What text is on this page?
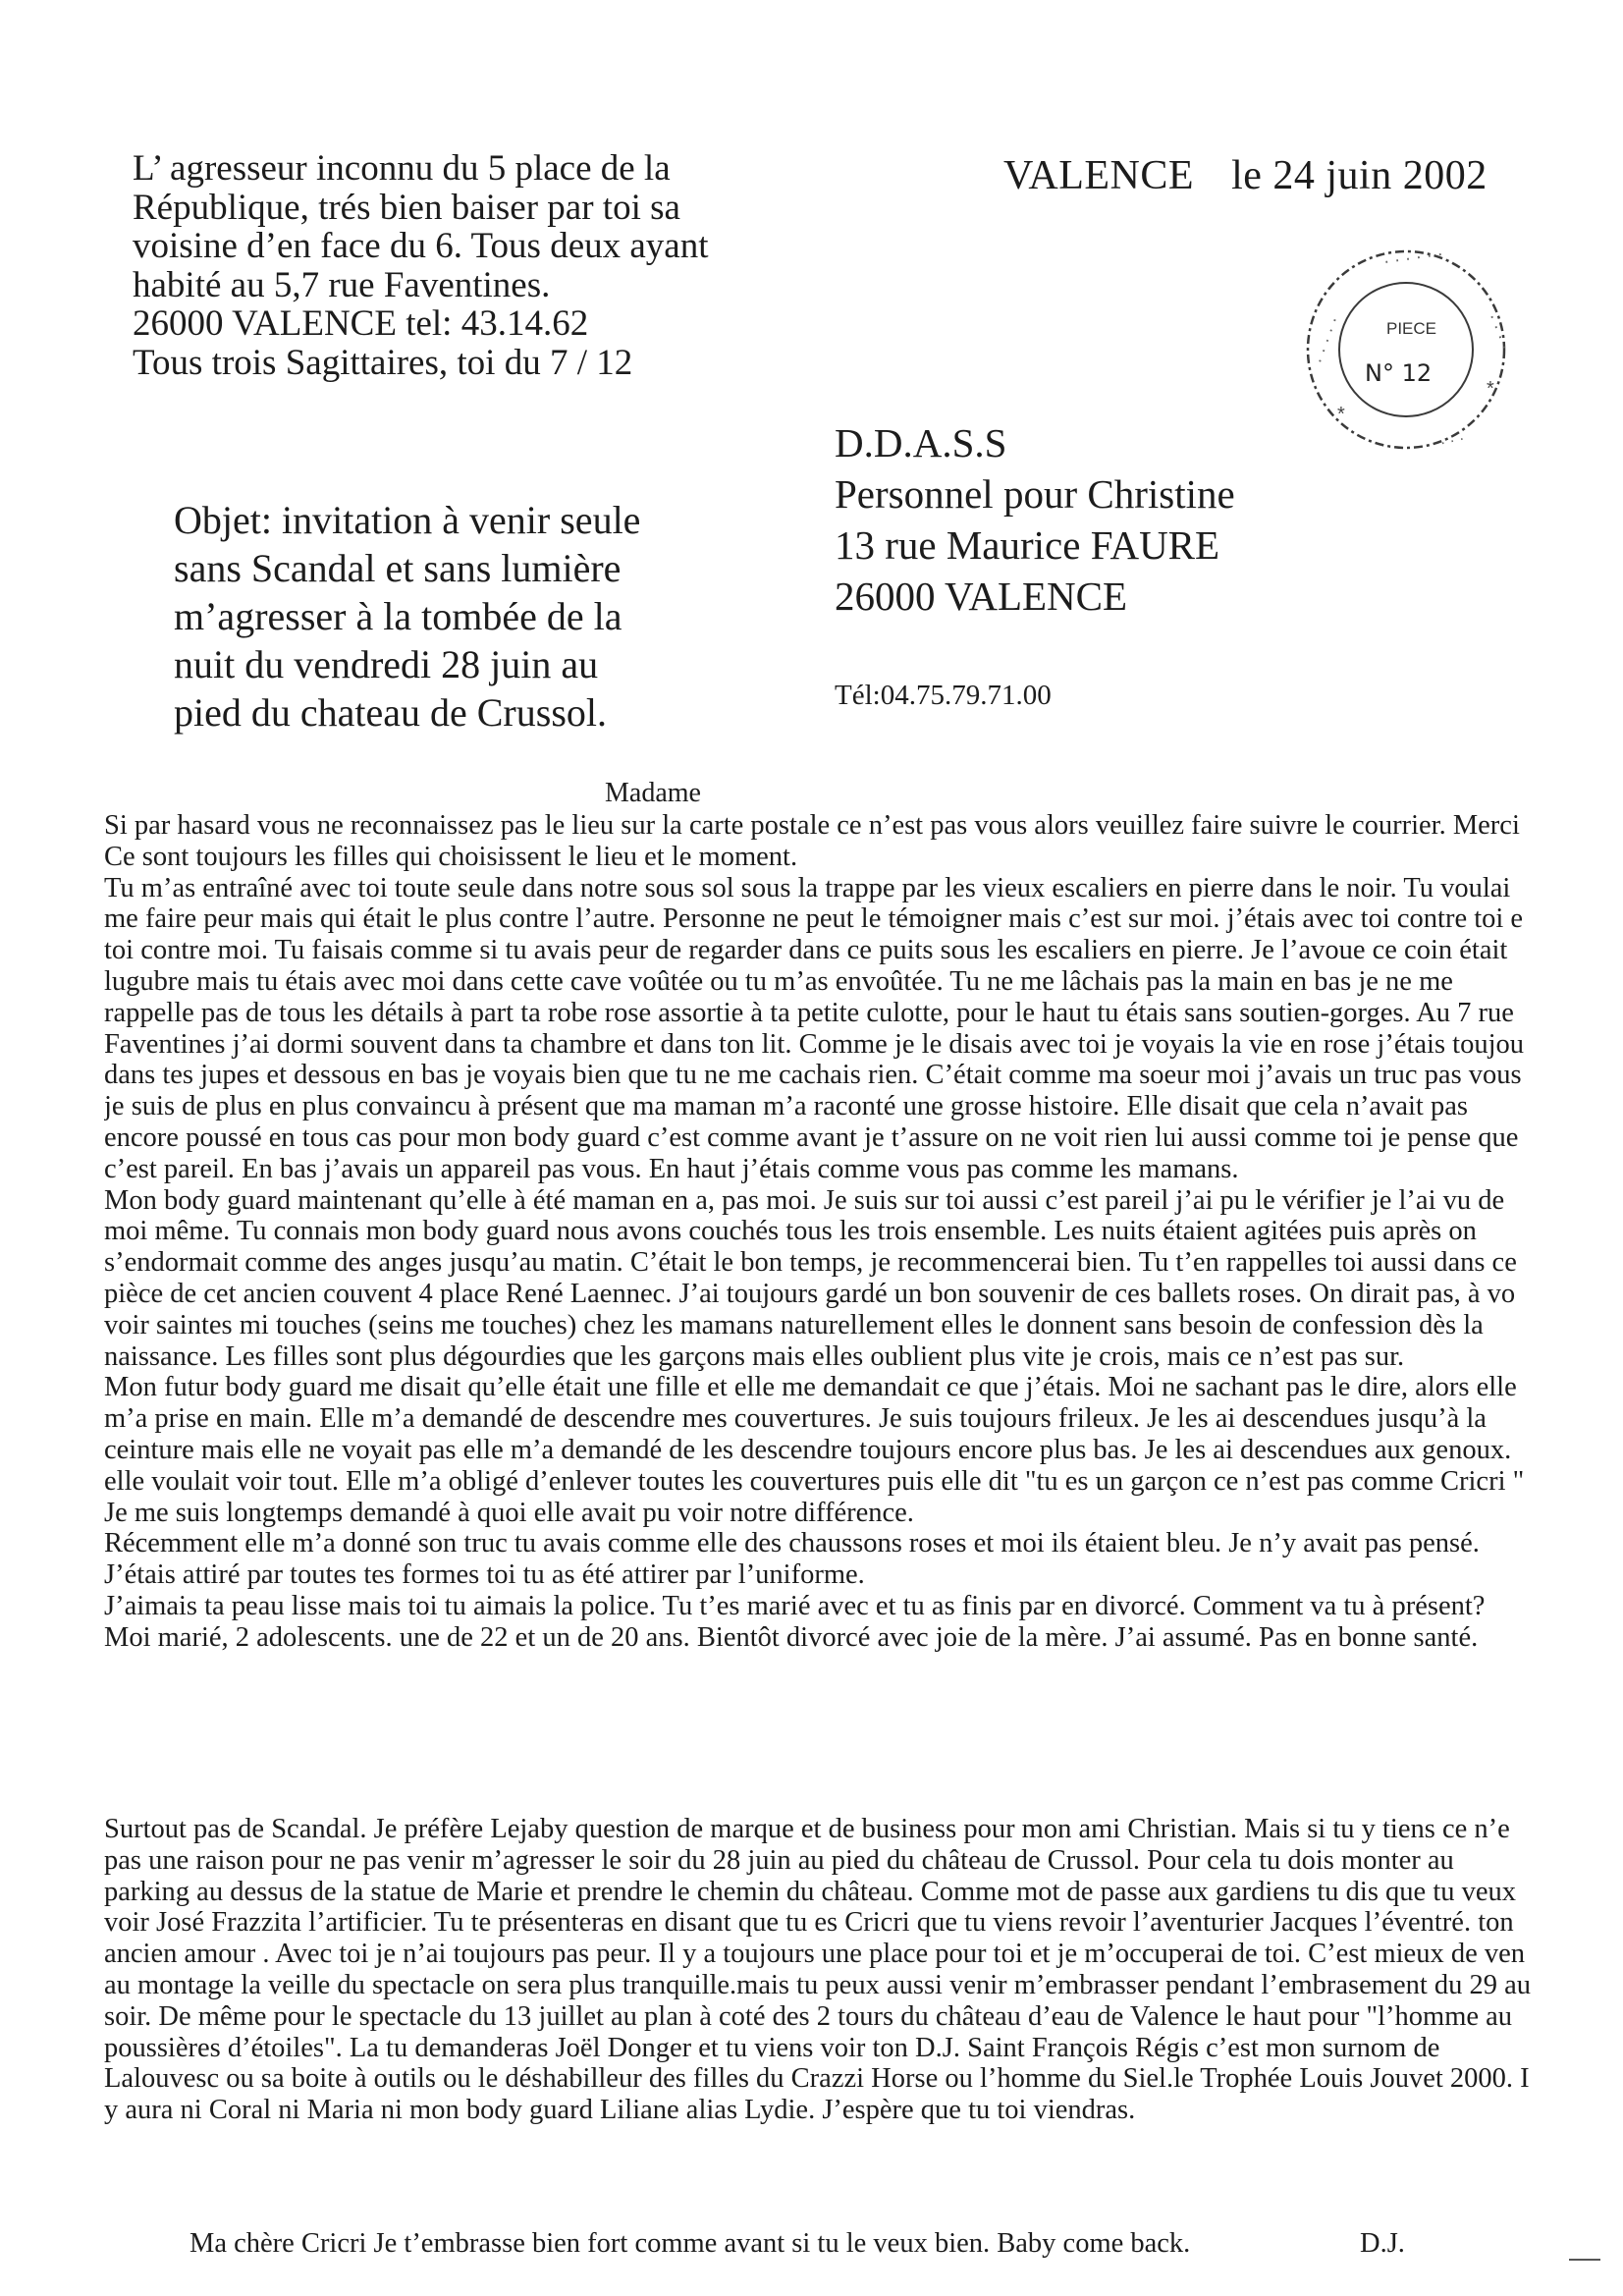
L’ agresseur inconnu du 5 place de la
République, trés bien baiser par toi sa
voisine d’en face du 6. Tous deux ayant
habité au 5,7 rue Faventines.
26000 VALENCE tel: 43.14.62
Tous trois Sagittaires, toi du 7 / 12
VALENCE le 24 juin 2002
· · · · · ·
· · · · ·	· · · ·
*
*
· · ·
PIECE
N° 12
D.D.A.S.S
Personnel pour Christine
13 rue Maurice FAURE
26000 VALENCE
Tél:04.75.79.71.00
Objet: invitation à venir seule
sans Scandal et sans lumière
m’agresser à la tombée de la
nuit du vendredi 28 juin au
pied du chateau de Crussol.
Madame
Si par hasard vous ne reconnaissez pas le lieu sur la carte postale ce n’est pas vous alors veuillez faire suivre le courrier. Merci
Ce sont toujours les filles qui choisissent le lieu et le moment.
Tu m’as entraîné avec toi toute seule dans notre sous sol sous la trappe par les vieux escaliers en pierre dans le noir. Tu voulai
me faire peur mais qui était le plus contre l’autre. Personne ne peut le témoigner mais c’est sur moi. j’étais avec toi contre toi e
toi contre moi. Tu faisais comme si tu avais peur de regarder dans ce puits sous les escaliers en pierre. Je l’avoue ce coin était
lugubre mais tu étais avec moi dans cette cave voûtée ou tu m’as envoûtée. Tu ne me lâchais pas la main en bas je ne me
rappelle pas de tous les détails à part ta robe rose assortie à ta petite culotte, pour le haut tu étais sans soutien-gorges. Au 7 rue
Faventines j’ai dormi souvent dans ta chambre et dans ton lit. Comme je le disais avec toi je voyais la vie en rose j’étais toujou
dans tes jupes et dessous en bas je voyais bien que tu ne me cachais rien. C’était comme ma soeur moi j’avais un truc pas vous
je suis de plus en plus convaincu à présent que ma maman m’a raconté une grosse histoire. Elle disait que cela n’avait pas
encore poussé en tous cas pour mon body guard c’est comme avant je t’assure on ne voit rien lui aussi comme toi je pense que
c’est pareil. En bas j’avais un appareil pas vous. En haut j’étais comme vous pas comme les mamans.
Mon body guard maintenant qu’elle à été maman en a, pas moi. Je suis sur toi aussi c’est pareil j’ai pu le vérifier je l’ai vu de
moi même. Tu connais mon body guard nous avons couchés tous les trois ensemble. Les nuits étaient agitées puis après on
s’endormait comme des anges jusqu’au matin. C’était le bon temps, je recommencerai bien. Tu t’en rappelles toi aussi dans ce
pièce de cet ancien couvent 4 place René Laennec. J’ai toujours gardé un bon souvenir de ces ballets roses. On dirait pas, à vo
voir saintes mi touches (seins me touches) chez les mamans naturellement elles le donnent sans besoin de confession dès la
naissance. Les filles sont plus dégourdies que les garçons mais elles oublient plus vite je crois, mais ce n’est pas sur.
Mon futur body guard me disait qu’elle était une fille et elle me demandait ce que j’étais. Moi ne sachant pas le dire, alors elle
m’a prise en main. Elle m’a demandé de descendre mes couvertures. Je suis toujours frileux. Je les ai descendues jusqu’à la
ceinture mais elle ne voyait pas elle m’a demandé de les descendre toujours encore plus bas. Je les ai descendues aux genoux.
elle voulait voir tout. Elle m’a obligé d’enlever toutes les couvertures puis elle dit "tu es un garçon ce n’est pas comme Cricri "
Je me suis longtemps demandé à quoi elle avait pu voir notre différence.
Récemment elle m’a donné son truc tu avais comme elle des chaussons roses et moi ils étaient bleu. Je n’y avait pas pensé.
J’étais attiré par toutes tes formes toi tu as été attirer par l’uniforme.
J’aimais ta peau lisse mais toi tu aimais la police. Tu t’es marié avec et tu as finis par en divorcé. Comment va tu à présent?
Moi marié, 2 adolescents. une de 22 et un de 20 ans. Bientôt divorcé avec joie de la mère. J’ai assumé. Pas en bonne santé.
Surtout pas de Scandal. Je préfère Lejaby question de marque et de business pour mon ami Christian. Mais si tu y tiens ce n’e
pas une raison pour ne pas venir m’agresser le soir du 28 juin au pied du château de Crussol. Pour cela tu dois monter au
parking au dessus de la statue de Marie et prendre le chemin du château. Comme mot de passe aux gardiens tu dis que tu veux
voir José Frazzita l’artificier. Tu te présenteras en disant que tu es Cricri que tu viens revoir l’aventurier Jacques l’éventré. ton
ancien amour . Avec toi je n’ai toujours pas peur. Il y a toujours une place pour toi et je m’occuperai de toi. C’est mieux de ven
au montage la veille du spectacle on sera plus tranquille.mais tu peux aussi venir m’embrasser pendant l’embrasement du 29 au
soir. De même pour le spectacle du 13 juillet au plan à coté des 2 tours du château d’eau de Valence le haut pour "l’homme au
poussières d’étoiles". La tu demanderas Joël Donger et tu viens voir ton D.J. Saint François Régis c’est mon surnom de
Lalouvesc ou sa boite à outils ou le déshabilleur des filles du Crazzi Horse ou l’homme du Siel.le Trophée Louis Jouvet 2000. I
y aura ni Coral ni Maria ni mon body guard Liliane alias Lydie. J’espère que tu toi viendras.
Ma chère Cricri Je t’embrasse bien fort comme avant si tu le veux bien. Baby come back.	D.J.
